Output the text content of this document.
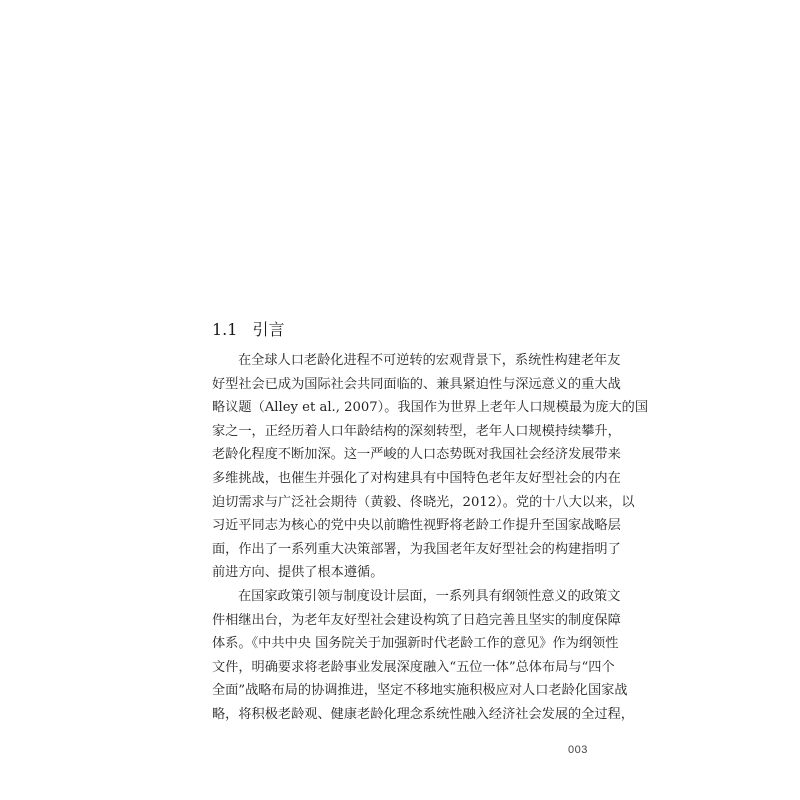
1.1 引言
在全球人口老龄化进程不可逆转的宏观背景下，系统性构建老年友
好型社会已成为国际社会共同面临的、兼具紧迫性与深远意义的重大战
略议题（Alley et al., 2007）。我国作为世界上老年人口规模最为庞大的国
家之一，正经历着人口年龄结构的深刻转型，老年人口规模持续攀升，
老龄化程度不断加深。这一严峻的人口态势既对我国社会经济发展带来
多维挑战，也催生并强化了对构建具有中国特色老年友好型社会的内在
迫切需求与广泛社会期待（黄毅、佟晓光，2012）。党的十八大以来，以
习近平同志为核心的党中央以前瞻性视野将老龄工作提升至国家战略层
面，作出了一系列重大决策部署，为我国老年友好型社会的构建指明了
前进方向、提供了根本遵循。
在国家政策引领与制度设计层面，一系列具有纲领性意义的政策文
件相继出台，为老年友好型社会建设构筑了日趋完善且坚实的制度保障
体系。《中共中央 国务院关于加强新时代老龄工作的意见》作为纲领性
文件，明确要求将老龄事业发展深度融入“五位一体”总体布局与“四个
全面”战略布局的协调推进，坚定不移地实施积极应对人口老龄化国家战
略，将积极老龄观、健康老龄化理念系统性融入经济社会发展的全过程，
003
